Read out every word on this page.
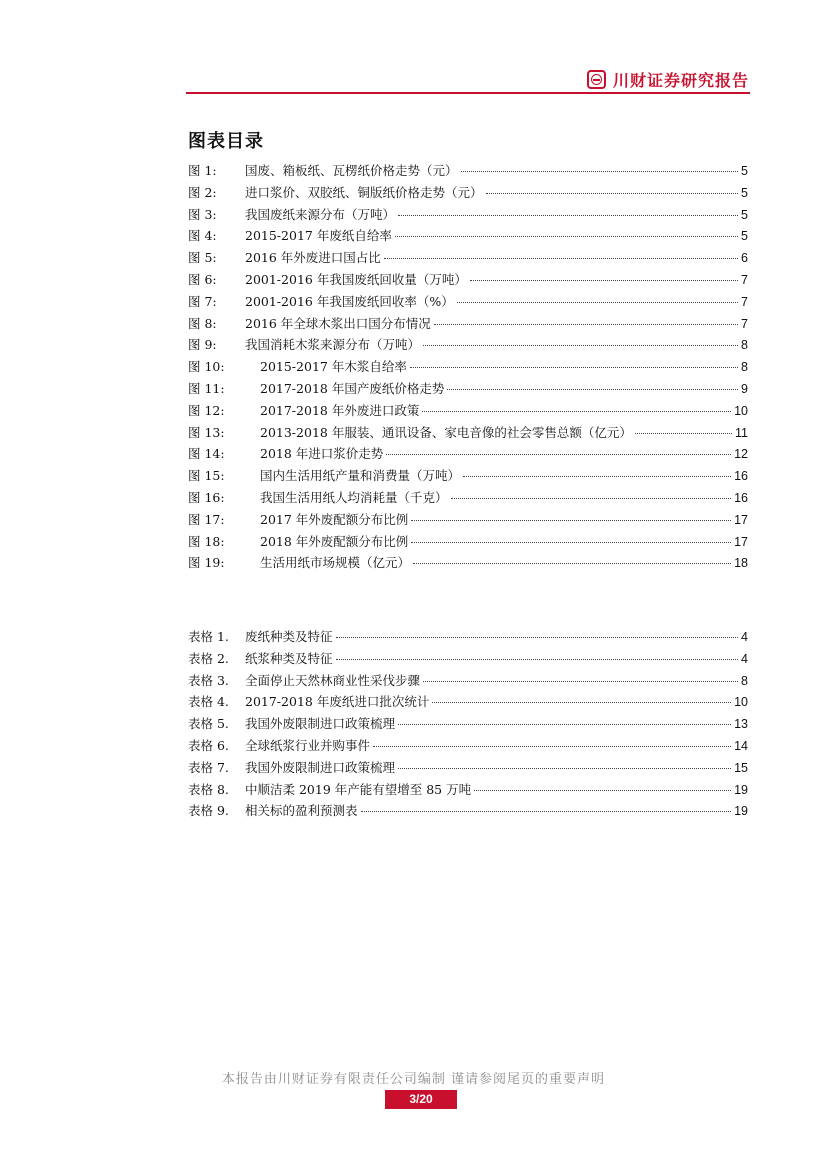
川财证券研究报告
图表目录
图 1:	国废、箱板纸、瓦楞纸价格走势（元）	5
图 2:	进口浆价、双胶纸、铜版纸价格走势（元）	5
图 3:	我国废纸来源分布（万吨）	5
图 4:	2015-2017 年废纸自给率	5
图 5:	2016 年外废进口国占比	6
图 6:	2001-2016 年我国废纸回收量（万吨）	7
图 7:	2001-2016 年我国废纸回收率（%）	7
图 8:	2016 年全球木浆出口国分布情况	7
图 9:	我国消耗木浆来源分布（万吨）	8
图 10:	2015-2017 年木浆自给率	8
图 11:	2017-2018 年国产废纸价格走势	9
图 12:	2017-2018 年外废进口政策	10
图 13:	2013-2018 年服装、通讯设备、家电音像的社会零售总额（亿元）	11
图 14:	2018 年进口浆价走势	12
图 15:	国内生活用纸产量和消费量（万吨）	16
图 16:	我国生活用纸人均消耗量（千克）	16
图 17:	2017 年外废配额分布比例	17
图 18:	2018 年外废配额分布比例	17
图 19:	生活用纸市场规模（亿元）	18
表格 1.	废纸种类及特征	4
表格 2.	纸浆种类及特征	4
表格 3.	全面停止天然林商业性采伐步骤	8
表格 4.	2017-2018 年废纸进口批次统计	10
表格 5.	我国外废限制进口政策梳理	13
表格 6.	全球纸浆行业并购事件	14
表格 7.	我国外废限制进口政策梳理	15
表格 8.	中顺洁柔 2019 年产能有望增至 85 万吨	19
表格 9.	相关标的盈利预测表	19
本报告由川财证券有限责任公司编制 谨请参阅尾页的重要声明
3/20
